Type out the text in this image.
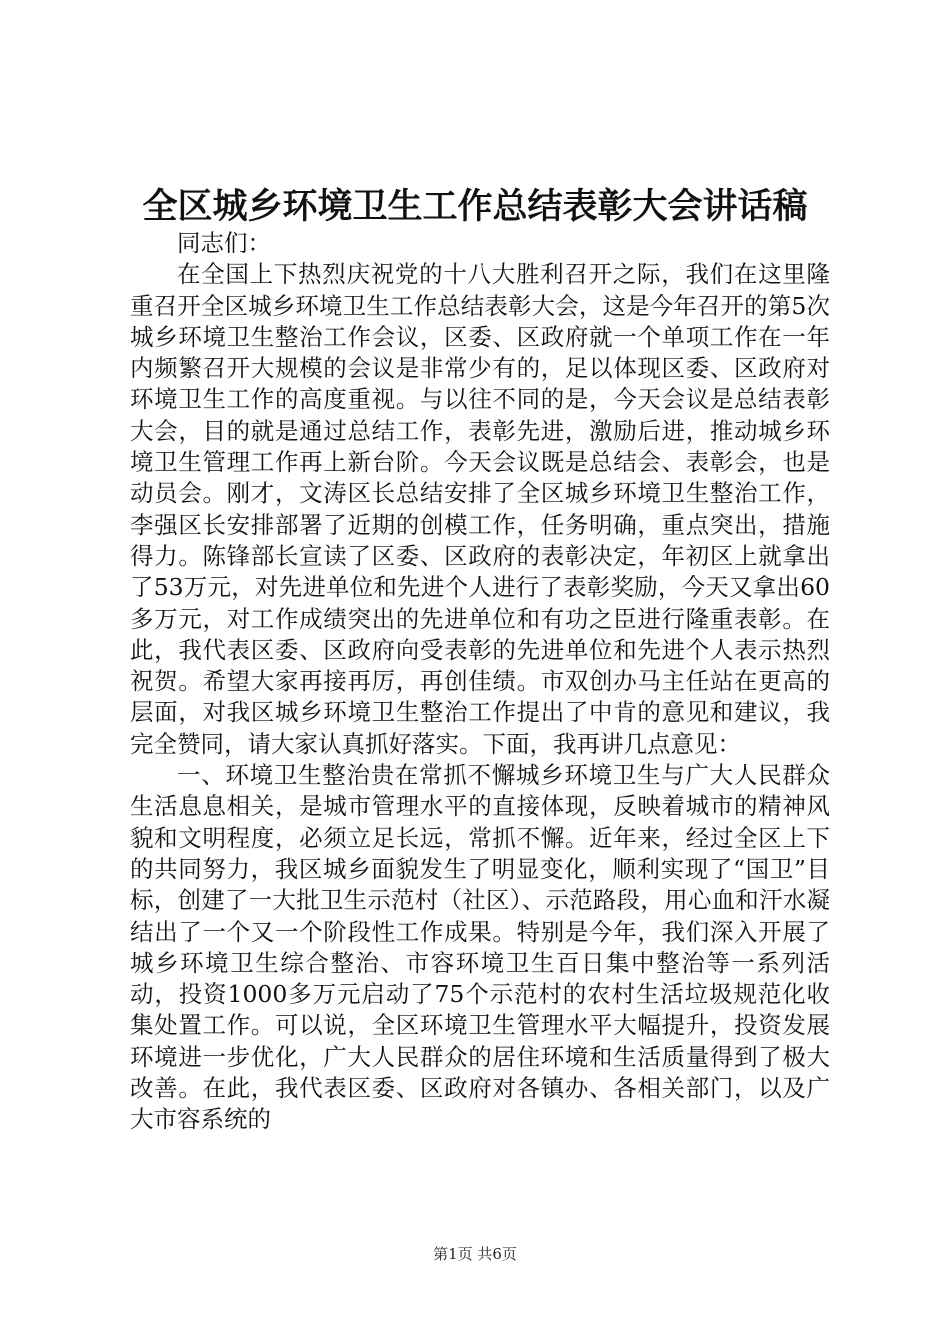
全区城乡环境卫生工作总结表彰大会讲话稿

同志们：

在全国上下热烈庆祝党的十八大胜利召开之际，我们在这里隆重召开全区城乡环境卫生工作总结表彰大会，这是今年召开的第5次城乡环境卫生整治工作会议，区委、区政府就一个单项工作在一年内频繁召开大规模的会议是非常少有的，足以体现区委、区政府对环境卫生工作的高度重视。与以往不同的是，今天会议是总结表彰大会，目的就是通过总结工作，表彰先进，激励后进，推动城乡环境卫生管理工作再上新台阶。今天会议既是总结会、表彰会，也是动员会。刚才，文涛区长总结安排了全区城乡环境卫生整治工作，李强区长安排部署了近期的创模工作，任务明确，重点突出，措施得力。陈锋部长宣读了区委、区政府的表彰决定，年初区上就拿出了53万元，对先进单位和先进个人进行了表彰奖励，今天又拿出60多万元，对工作成绩突出的先进单位和有功之臣进行隆重表彰。在此，我代表区委、区政府向受表彰的先进单位和先进个人表示热烈祝贺。希望大家再接再厉，再创佳绩。市双创办马主任站在更高的层面，对我区城乡环境卫生整治工作提出了中肯的意见和建议，我完全赞同，请大家认真抓好落实。下面，我再讲几点意见：

一、环境卫生整治贵在常抓不懈城乡环境卫生与广大人民群众生活息息相关，是城市管理水平的直接体现，反映着城市的精神风貌和文明程度，必须立足长远，常抓不懈。近年来，经过全区上下的共同努力，我区城乡面貌发生了明显变化，顺利实现了“国卫”目标，创建了一大批卫生示范村（社区）、示范路段，用心血和汗水凝结出了一个又一个阶段性工作成果。特别是今年，我们深入开展了城乡环境卫生综合整治、市容环境卫生百日集中整治等一系列活动，投资1000多万元启动了75个示范村的农村生活垃圾规范化收集处置工作。可以说，全区环境卫生管理水平大幅提升，投资发展环境进一步优化，广大人民群众的居住环境和生活质量得到了极大改善。在此，我代表区委、区政府对各镇办、各相关部门，以及广大市容系统的

第1页 共6页
